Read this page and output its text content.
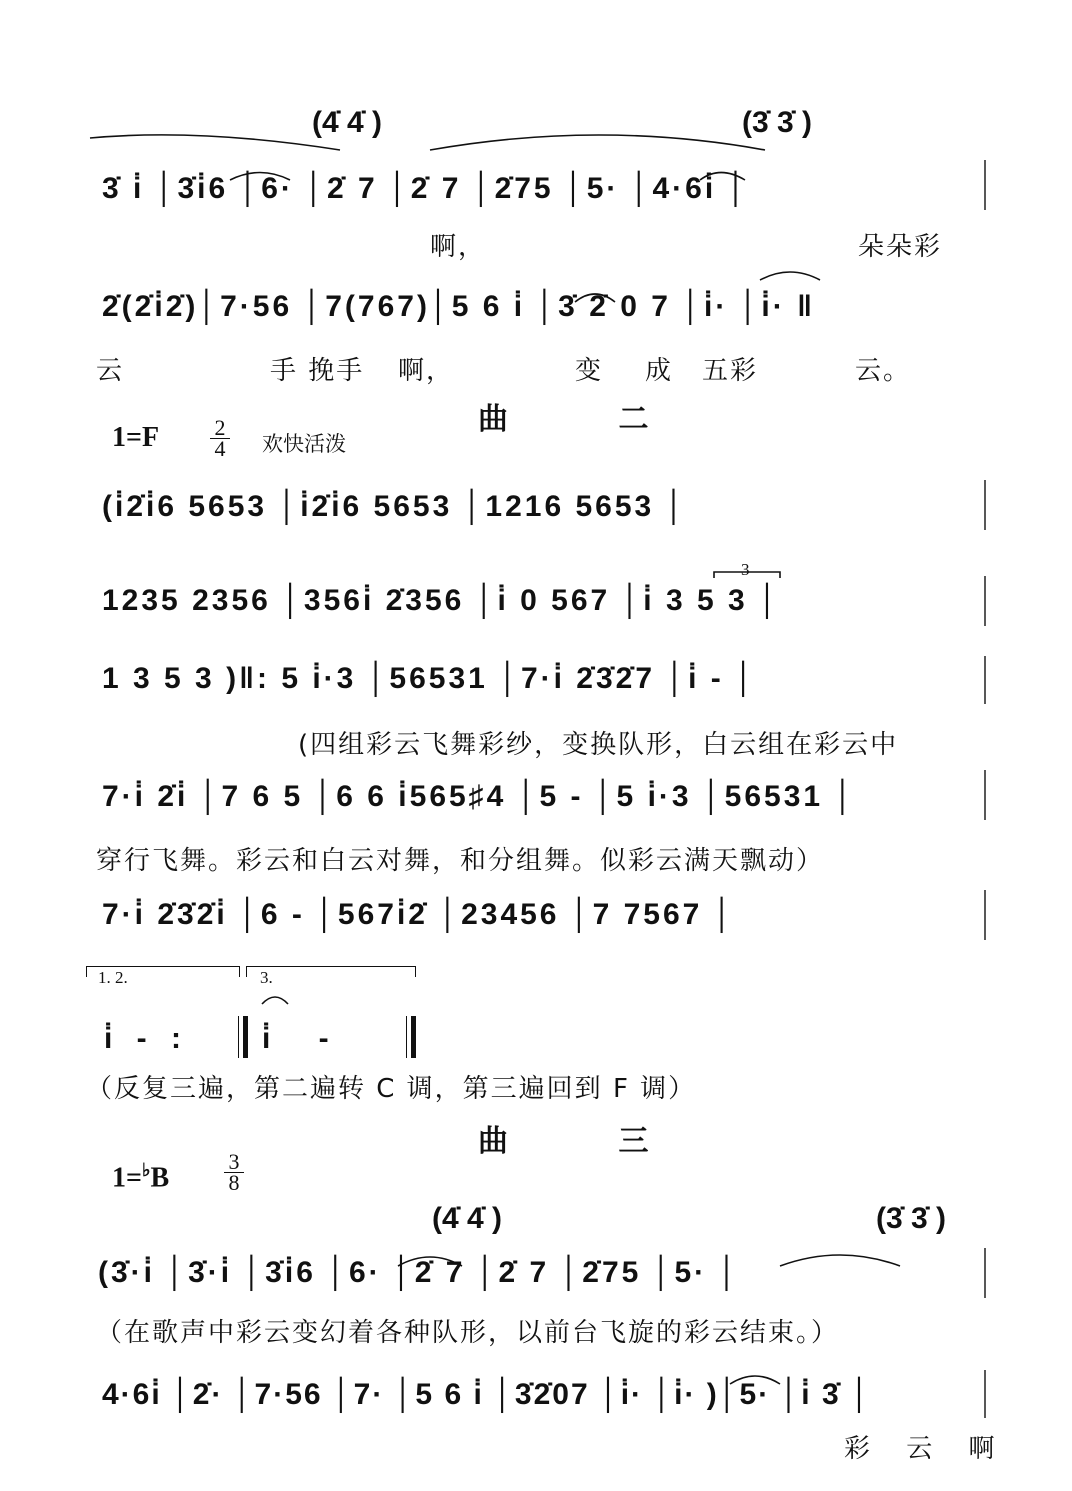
(4̇ 4̇ )	(3̇ 3̇ )
3̇ i̇ │3̇i̇6 │6· │2̇ 7 │2̇ 7 │2̇75 │5· │4·6i̇ │
啊，	朵朵彩
2̇(2̇i̇2̇)│7·56 │7(767)│5 6 i̇ │3̇ 2̇ 0 7 │i̇· │i̇· ‖
云	手 挽手 啊，	变 成 五彩	云。
曲 二
1=F	2
4	欢快活泼
(i̇2̇i̇6 5653 │i̇2̇i̇6 5653 │1216 5653 │
1235 2356 │356i̇ 2̇356 │i̇ 0 567 │i̇ 3 5 3 │
3
1 3 5 3 )‖: 5 i̇·3 │56531 │7·i̇ 2̇3̇2̇7 │i̇ - │
(四组彩云飞舞彩纱，变换队形，白云组在彩云中
7·i̇ 2̇i̇ │7 6 5 │6 6 i̇565♯4 │5 - │5 i̇·3 │56531 │
穿行飞舞。彩云和白云对舞，和分组舞。似彩云满天飘动）
7·i̇ 2̇3̇2̇i̇ │6 - │567i̇2̇ │23456 │7 7567 │
1. 2.	3.
i̇ - : i̇ -
（反复三遍，第二遍转 C 调，第三遍回到 F 调）
曲 三
1=♭B
3
8
(4̇ 4̇ )	(3̇ 3̇ )
(3̇·i̇ │3̇·i̇ │3̇i̇6 │6· │2̇ 7 │2̇ 7 │2̇75 │5· │
（在歌声中彩云变幻着各种队形，以前台飞旋的彩云结束。）
4·6i̇ │2̇· │7·56 │7· │5 6 i̇ │3̇2̇07 │i̇· │i̇· )│5· │i̇ 3̇ │
彩 云 啊
